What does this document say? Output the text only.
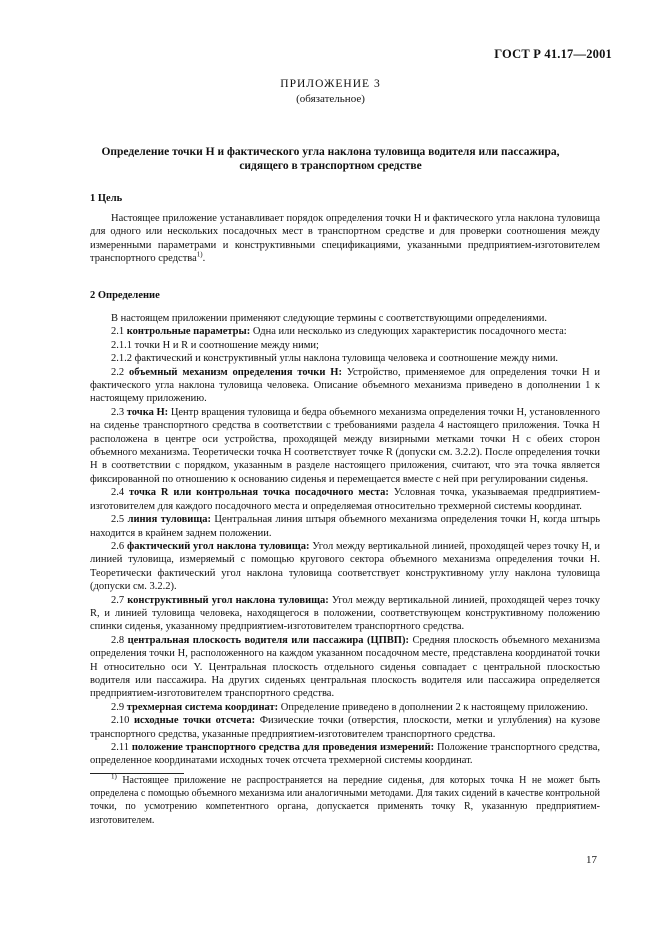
ГОСТ Р 41.17—2001
ПРИЛОЖЕНИЕ 3
(обязательное)
Определение точки H и фактического угла наклона туловища водителя или пассажира,
сидящего в транспортном средстве
1 Цель

Настоящее приложение устанавливает порядок определения точки H и фактического угла наклона туловища для одного или нескольких посадочных мест в транспортном средстве и для проверки соотношения между измеренными параметрами и конструктивными спецификациями, указанными предприятием-изготовителем транспортного средства$^{1)}$.

2 Определение

В настоящем приложении применяют следующие термины с соответствующими определениями.

2.1 контрольные параметры: Одна или несколько из следующих характеристик посадочного места:

2.1.1 точки H и R и соотношение между ними;

2.1.2 фактический и конструктивный углы наклона туловища человека и соотношение между ними.

2.2 объемный механизм определения точки H: Устройство, применяемое для определения точки H и фактического угла наклона туловища человека. Описание объемного механизма приведено в дополнении 1 к настоящему приложению.

2.3 точка H: Центр вращения туловища и бедра объемного механизма определения точки H, установленного на сиденье транспортного средства в соответствии с требованиями раздела 4 настоящего приложения. Точка H расположена в центре оси устройства, проходящей между визирными метками точки H с обеих сторон объемного механизма. Теоретически точка H соответствует точке R (допуски см. 3.2.2). После определения точки H в соответствии с порядком, указанным в разделе настоящего приложения, считают, что эта точка является фиксированной по отношению к основанию сиденья и перемещается вместе с ней при регулировании сиденья.

2.4 точка R или контрольная точка посадочного места: Условная точка, указываемая предприятием-изготовителем для каждого посадочного места и определяемая относительно трехмерной системы координат.

2.5 линия туловища: Центральная линия штыря объемного механизма определения точки H, когда штырь находится в крайнем заднем положении.

2.6 фактический угол наклона туловища: Угол между вертикальной линией, проходящей через точку H, и линией туловища, измеряемый с помощью кругового сектора объемного механизма определения точки H. Теоретически фактический угол наклона туловища соответствует конструктивному углу наклона туловища (допуски см. 3.2.2).

2.7 конструктивный угол наклона туловища: Угол между вертикальной линией, проходящей через точку R, и линией туловища человека, находящегося в положении, соответствующем конструктивному положению спинки сиденья, указанному предприятием-изготовителем транспортного средства.

2.8 центральная плоскость водителя или пассажира (ЦПВП): Средняя плоскость объемного механизма определения точки H, расположенного на каждом указанном посадочном месте, представлена координатой точки H относительно оси Y. Центральная плоскость отдельного сиденья совпадает с центральной плоскостью водителя или пассажира. На других сиденьях центральная плоскость водителя или пассажира определяется предприятием-изготовителем транспортного средства.

2.9 трехмерная система координат: Определение приведено в дополнении 2 к настоящему приложению.

2.10 исходные точки отсчета: Физические точки (отверстия, плоскости, метки и углубления) на кузове транспортного средства, указанные предприятием-изготовителем транспортного средства.

2.11 положение транспортного средства для проведения измерений: Положение транспортного средства, определенное координатами исходных точек отсчета трехмерной системы координат.

$^{1)}$ Настоящее приложение не распространяется на передние сиденья, для которых точка H не может быть определена с помощью объемного механизма или аналогичными методами. Для таких сидений в качестве контрольной точки, по усмотрению компетентного органа, допускается применять точку R, указанную предприятием-изготовителем.

17
